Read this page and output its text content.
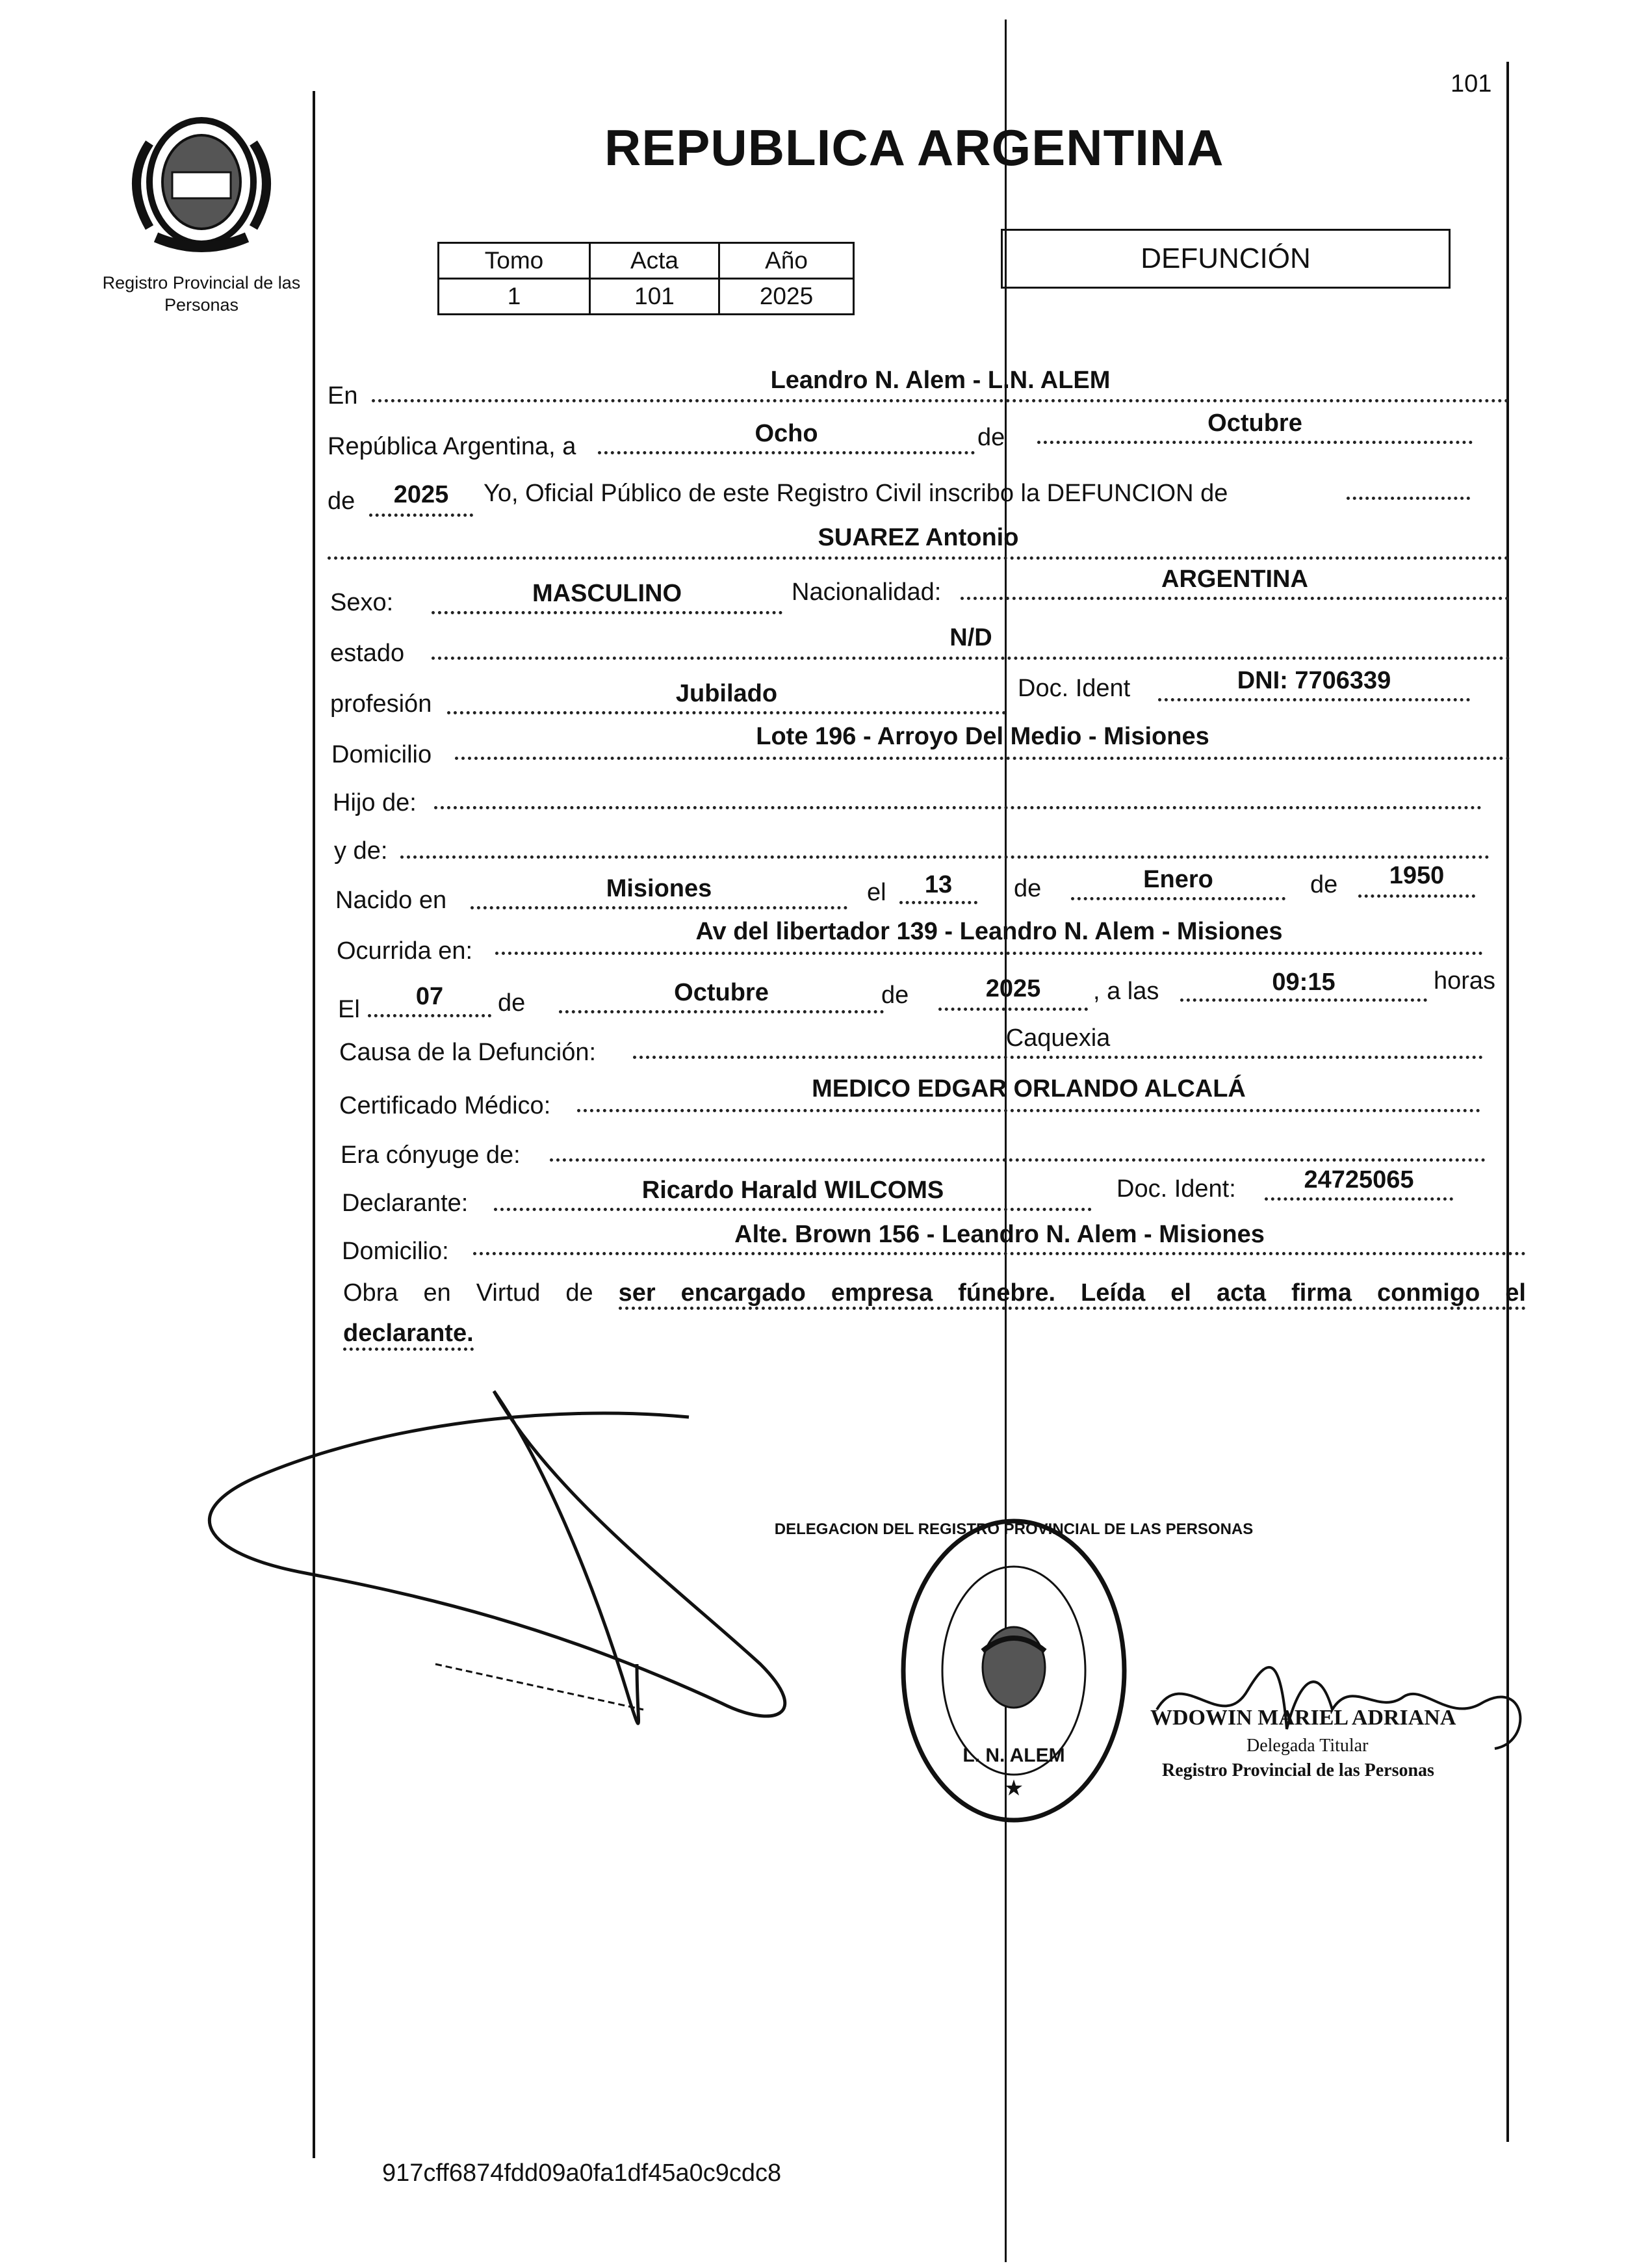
101
Registro Provincial de las Personas
REPUBLICA ARGENTINA
Tomo	Acta	Año
1	101	2025
DEFUNCIÓN
En
Leandro N. Alem - L.N. ALEM
República Argentina, a	Ocho	de
Octubre
de	2025	Yo, Oficial Público de este Registro Civil inscribo la DEFUNCION de
SUAREZ Antonio
Sexo:	MASCULINO	Nacionalidad:	ARGENTINA
estado
N/D
profesión	Jubilado	Doc. Ident	DNI: 7706339
Domicilio
Lote 196 - Arroyo Del Medio - Misiones
Hijo de:
y de:
Nacido en	Misiones	el	13	de	Enero	de	1950
Ocurrida en:
Av del libertador 139 - Leandro N. Alem - Misiones
El	07	de	Octubre	de	2025	, a las	09:15	horas
Causa de la Defunción:
Caquexia
Certificado Médico:
MEDICO EDGAR ORLANDO ALCALÁ
Era cónyuge de:
Declarante:	Ricardo Harald WILCOMS	Doc. Ident:	24725065
Domicilio:
Alte. Brown 156 - Leandro N. Alem - Misiones
Obra en Virtud de ser encargado empresa fúnebre. Leída el acta firma conmigo el
declarante.
DELEGACION DEL REGISTRO PROVINCIAL DE LAS PERSONAS
L. N. ALEM
★
WDOWIN MARIEL ADRIANA
Delegada Titular
Registro Provincial de las Personas
917cff6874fdd09a0fa1df45a0c9cdc8
